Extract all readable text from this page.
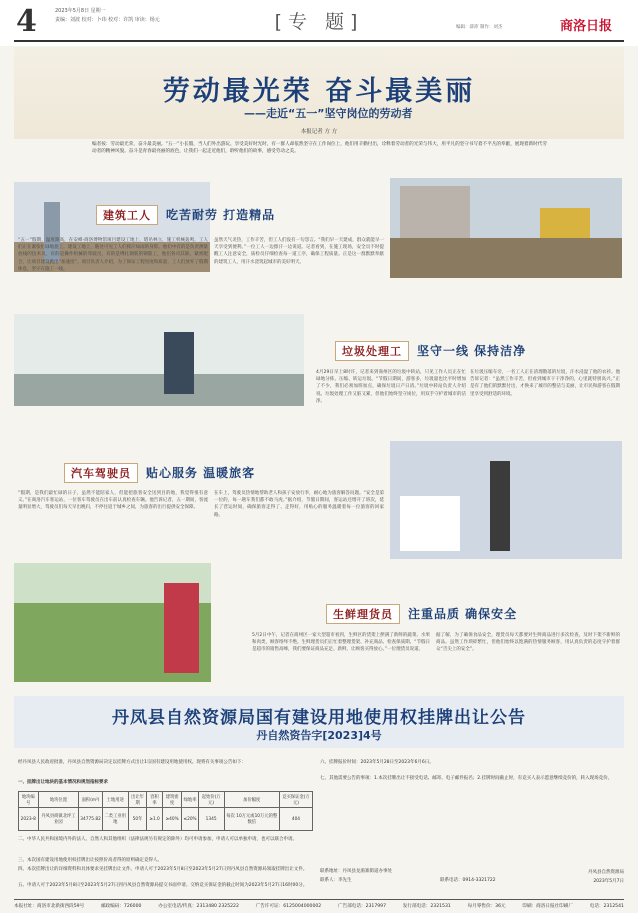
4	2023年5月8日 星期一
责编：刘波 校对：卜玮 校对：许凯 审读：杨元	[专 题]	编辑：薛沛 制作：刘杰	商洛日报
劳动最光荣 奋斗最美丽
——走近“五一”坚守岗位的劳动者
本报记者 方 方
编者按：劳动最光荣，奋斗最美丽。“五一”小长假，当人们外出游玩、享受美好时光时，有一群人却依然坚守在工作岗位上，他们用辛勤付出，诠释着劳动者的光荣与伟大，用平凡的坚守书写着不平凡的奉献，展现着新时代劳动者的精神风貌。奋斗是青春最亮丽的底色，让我们一起走近他们，聆听他们的故事，感受劳动之美。
建筑工人 吃苦耐劳 打造精品
“五一”假期，温度渐高，在安峰·商洛博物馆项目建设工地上，塔吊林立，施工机械轰鸣，工人们正在紧张忙碌地施工。建设工地上，随处可见工人们挥汗如雨的身影。他们中有的是负责测量放线的技术员，有的是操作机械的驾驶员，有的是绑扎钢筋的钢筋工，他们各司其职、紧密配合，让项目建设跑出“加速度”。项目负责人介绍，为了保证工程进度和质量，工人们放弃了假期休息，坚守在施工一线。
虽然天气炎热，工作辛苦，但工人们没有一句怨言。“我们早一天建成，群众就能早一天享受到便利。”一位工人一边擦汗一边说道。记者看到，在施工现场，安全员不时提醒工人注意安全，质检员仔细检查每一道工序，确保工程质量。正是这一群默默奉献的建筑工人，用汗水浇筑起城市的美好明天。
垃圾处理工 坚守一线 保持洁净
4月29日早上8时许，记者来到商州区的垃圾中转站，只见工作人员正在忙碌地分拣、压缩、转运垃圾。“节假日期间，游客多，垃圾量也比平时增加了不少，我们必须加班加点，确保垃圾日产日清。”垃圾中转站负责人介绍说。垃圾处理工作又脏又累，但他们始终坚守岗位，用双手守护着城市的洁净。
在垃圾压缩车旁，一名工人正在清理散落的垃圾，汗水浸湿了他的衣衫。他告诉记者：“虽然工作辛苦，但看到城市干干净净的，心里就特别高兴。”正是有了他们的默默付出，才换来了城市的整洁与美丽，让市民和游客在假期里享受到舒适的环境。
汽车驾驶员 贴心服务 温暖旅客
“假期，是我们最忙碌的日子，虽然不能陪家人，但能把旅客安全送到目的地，我觉得很有意义。”在商洛汽车客运站，一位客车驾驶员在出车前认真检查车辆。他告诉记者，五一期间，客流量明显增大，驾驶员们每天早出晚归，不停往返于城乡之间，为旅客的出行提供安全保障。
在车上，驾驶员热情地帮助老人和孩子安放行李，耐心地为旅客解答问题。“安全是第一位的，每一趟车我们都不敢马虎。”据介绍，节假日期间，客运站还增开了班次，延长了营运时间，确保旅客走得了、走得好，用贴心的服务温暖着每一位旅客的回家路。
生鲜理货员 注重品质 确保安全
5月2日中午，记者在商州区一家大型超市看到，生鲜区的货架上摆满了新鲜的蔬菜、水果和肉类，顾客络绎不绝。生鲜理货员们正忙着整理货架、补充商品、检查保质期。“节假日是超市的销售高峰，我们要保证商品充足、新鲜，让顾客买得放心。”一位理货员说道。
据了解，为了确保食品安全，理货员每天都要对生鲜商品进行多次检查，及时下架不新鲜的商品。虽然工作琐碎繁忙，但他们始终以饱满的热情服务顾客，用认真负责的态度守护着群众“舌尖上的安全”。
丹凤县自然资源局国有建设用地使用权挂牌出让公告
丹自然资告字[2023]4号
经丹凤县人民政府批准，丹凤县自然资源局决定以挂牌方式出让1宗国有建设用地使用权。现将有关事项公告如下：
一、挂牌出让地块的基本情况和规划指标要求
地块编号	地块位置	面积(m²)	土地用途	出让年期	容积率	建筑密度	绿地率	起始价(万元)	加价幅度	竞买保证金(万元)
2023-8	丹凤县商镇北坪工业园	34775.82	二类工业用地	50年	≥1.0	≥40%	≤20%	1345	每次 10万元或10万元的整数倍	404
二、中华人民共和国境内外的法人、自然人和其他组织（法律法规另有规定的除外）均可申请参加，申请人可以单独申请，也可以联合申请。
三、本次国有建设用地使用权挂牌出让按照价高者得的原则确定竞得人。
四、本次挂牌出让的详细资料和具体要求见挂牌出让文件。申请人可于2023年5月8日至2023年5月27日到丹凤县自然资源局领取挂牌出让文件。
五、申请人可于2023年5月8日至2023年5月27日到丹凤县自然资源局提交书面申请。交纳竞买保证金的截止时间为2023年5月27日16时00分。
六、挂牌报价时间：2023年5月28日至2023年6月6日。
七、其他需要公告的事项：1.本次挂牌出让不接受电话、邮寄、电子邮件报名；2.挂牌时间截止时，有竞买人表示愿意继续竞价的，转入现场竞价。
联系地址：丹凤县龙驹寨街道办事处
联系人：李先生	联系电话：0914-3321722
丹凤县自然资源局
2023年5月7日
本报社址：商洛市北新街西段59号	邮政编码：726000	办公室电话/传真：2313480 2325222	广告许可证：6125004000002	广告部电话：2317997	发行部电话：2321531	每月零售价：36元	印刷：商洛日报社印刷厂	电话：2312541
